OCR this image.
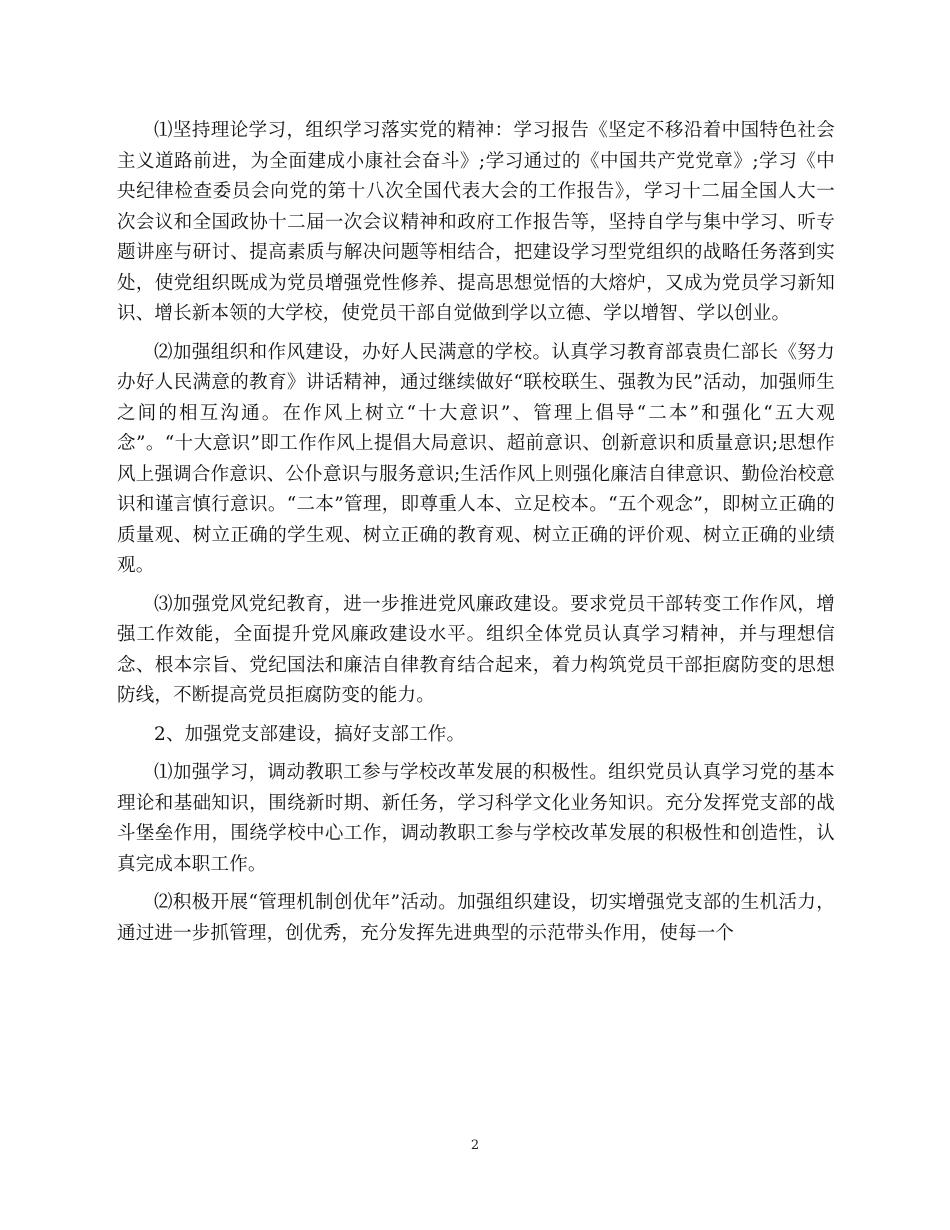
⑴坚持理论学习，组织学习落实党的精神：学习报告《坚定不移沿着中国特色社会主义道路前进，为全面建成小康社会奋斗》;学习通过的《中国共产党党章》;学习《中央纪律检查委员会向党的第十八次全国代表大会的工作报告》，学习十二届全国人大一次会议和全国政协十二届一次会议精神和政府工作报告等，坚持自学与集中学习、听专题讲座与研讨、提高素质与解决问题等相结合，把建设学习型党组织的战略任务落到实处，使党组织既成为党员增强党性修养、提高思想觉悟的大熔炉，又成为党员学习新知识、增长新本领的大学校，使党员干部自觉做到学以立德、学以增智、学以创业。

⑵加强组织和作风建设，办好人民满意的学校。认真学习教育部袁贵仁部长《努力办好人民满意的教育》讲话精神，通过继续做好“联校联生、强教为民”活动，加强师生之间的相互沟通。在作风上树立“十大意识”、管理上倡导“二本”和强化“五大观念”。“十大意识”即工作作风上提倡大局意识、超前意识、创新意识和质量意识;思想作风上强调合作意识、公仆意识与服务意识;生活作风上则强化廉洁自律意识、勤俭治校意识和谨言慎行意识。“二本”管理，即尊重人本、立足校本。“五个观念”，即树立正确的质量观、树立正确的学生观、树立正确的教育观、树立正确的评价观、树立正确的业绩观。

⑶加强党风党纪教育，进一步推进党风廉政建设。要求党员干部转变工作作风，增强工作效能，全面提升党风廉政建设水平。组织全体党员认真学习精神，并与理想信念、根本宗旨、党纪国法和廉洁自律教育结合起来，着力构筑党员干部拒腐防变的思想防线，不断提高党员拒腐防变的能力。

2、加强党支部建设，搞好支部工作。

⑴加强学习，调动教职工参与学校改革发展的积极性。组织党员认真学习党的基本理论和基础知识，围绕新时期、新任务，学习科学文化业务知识。充分发挥党支部的战斗堡垒作用，围绕学校中心工作，调动教职工参与学校改革发展的积极性和创造性，认真完成本职工作。

⑵积极开展“管理机制创优年”活动。加强组织建设，切实增强党支部的生机活力，通过进一步抓管理，创优秀，充分发挥先进典型的示范带头作用，使每一个

2
